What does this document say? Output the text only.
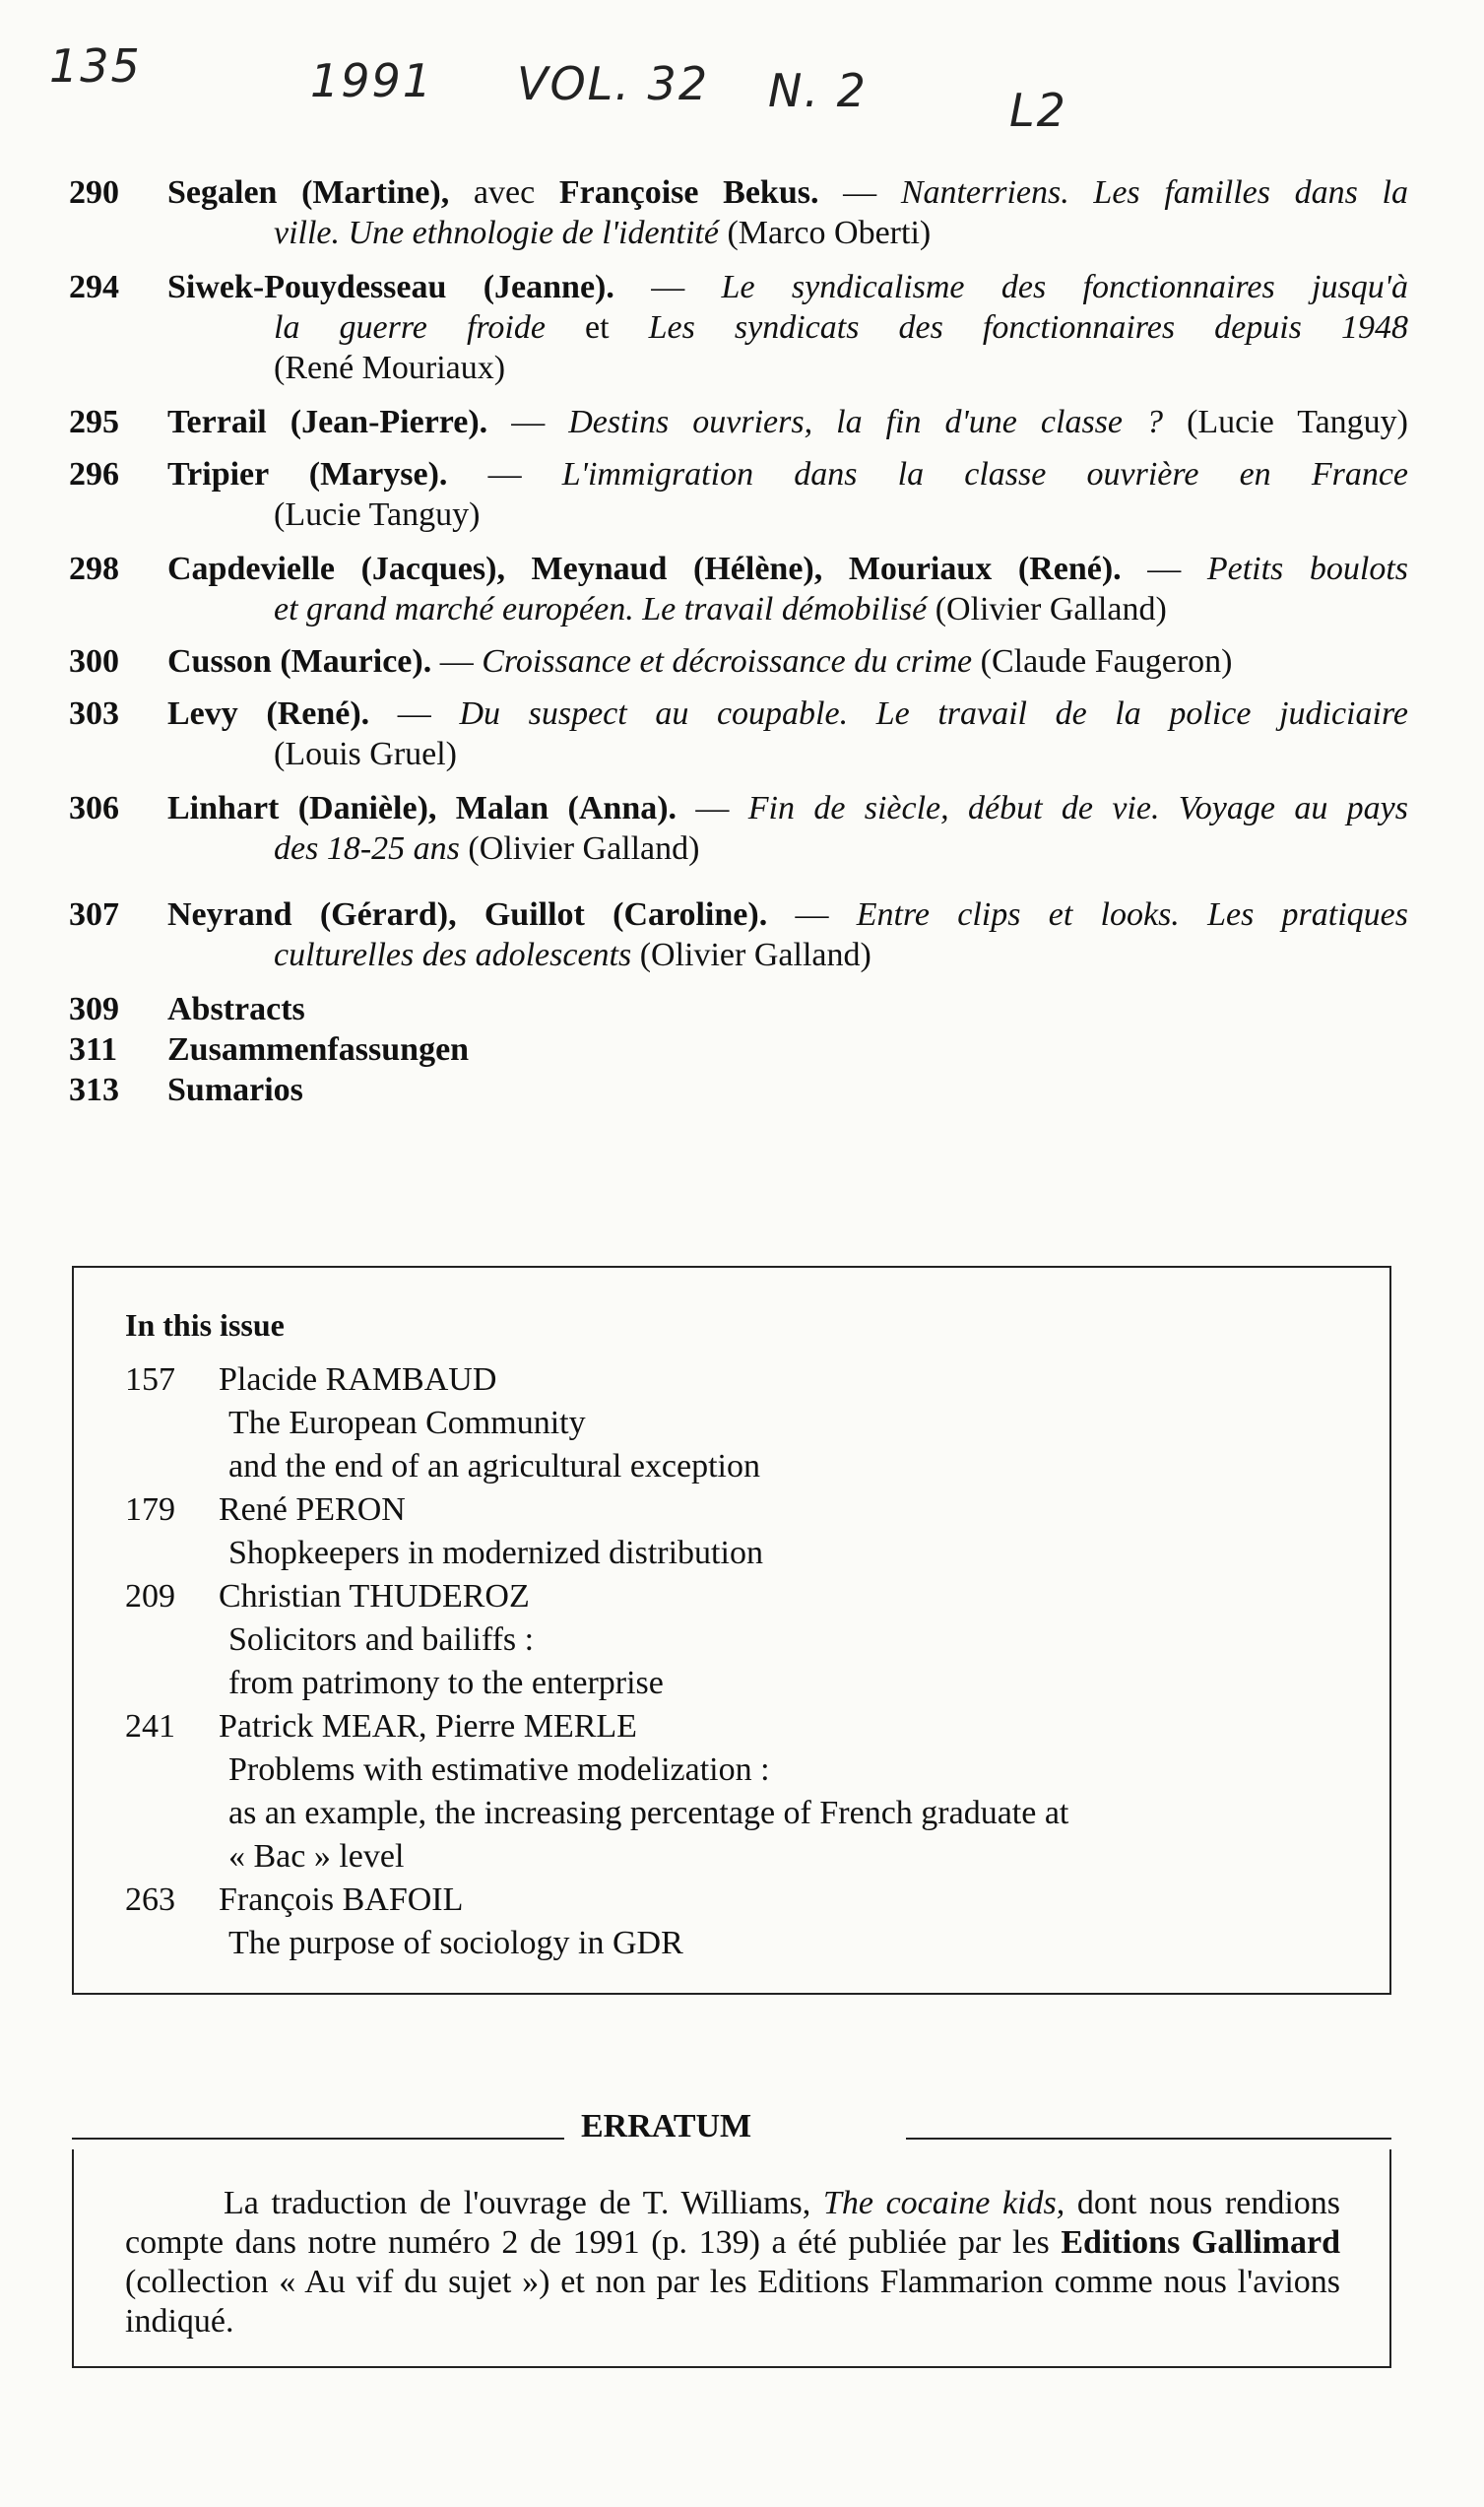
135	1991 VOL. 32 N. 2	L2
290	Segalen (Martine), avec Françoise Bekus. — Nanterriens. Les familles dans la
ville. Une ethnologie de l'identité (Marco Oberti)
294	Siwek-Pouydesseau (Jeanne). — Le syndicalisme des fonctionnaires jusqu'à
la guerre froide et Les syndicats des fonctionnaires depuis 1948
(René Mouriaux)
295	Terrail (Jean-Pierre). — Destins ouvriers, la fin d'une classe ? (Lucie Tanguy)
296	Tripier (Maryse). — L'immigration dans la classe ouvrière en France
(Lucie Tanguy)
298	Capdevielle (Jacques), Meynaud (Hélène), Mouriaux (René). — Petits boulots
et grand marché européen. Le travail démobilisé (Olivier Galland)
300	Cusson (Maurice). — Croissance et décroissance du crime (Claude Faugeron)
303	Levy (René). — Du suspect au coupable. Le travail de la police judiciaire
(Louis Gruel)
306	Linhart (Danièle), Malan (Anna). — Fin de siècle, début de vie. Voyage au pays
des 18-25 ans (Olivier Galland)
307	Neyrand (Gérard), Guillot (Caroline). — Entre clips et looks. Les pratiques
culturelles des adolescents (Olivier Galland)
309	Abstracts
311	Zusammenfassungen
313	Sumarios
In this issue
157	Placide RAMBAUD
The European Community
and the end of an agricultural exception
179	René PERON
Shopkeepers in modernized distribution
209	Christian THUDEROZ
Solicitors and bailiffs :
from patrimony to the enterprise
241	Patrick MEAR, Pierre MERLE
Problems with estimative modelization :
as an example, the increasing percentage of French graduate at
« Bac » level
263	François BAFOIL
The purpose of sociology in GDR
ERRATUM
La traduction de l'ouvrage de T. Williams, The cocaine kids, dont nous rendions compte dans notre numéro 2 de 1991 (p. 139) a été publiée par les Editions Gallimard (collection « Au vif du sujet ») et non par les Editions Flammarion comme nous l'avions indiqué.
